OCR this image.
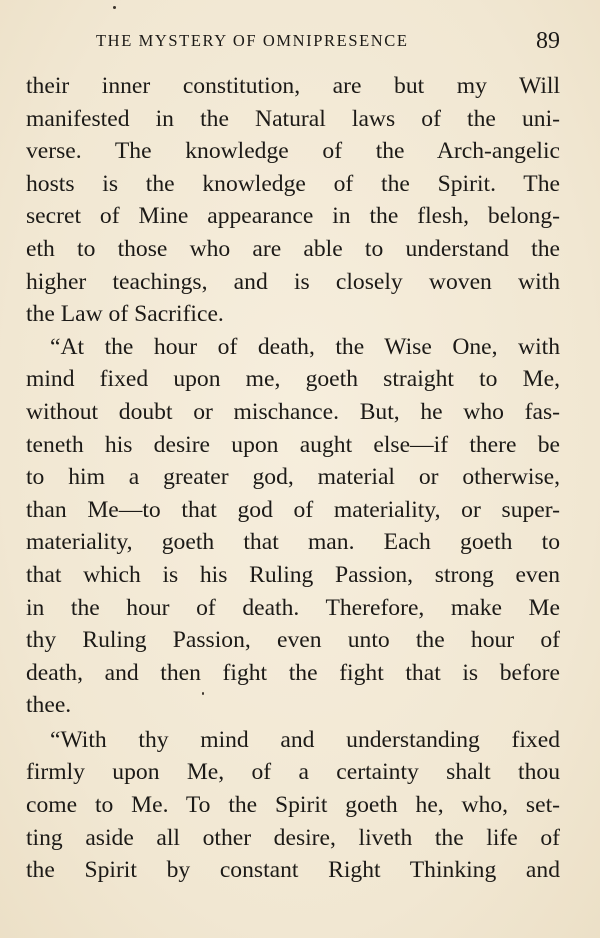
THE MYSTERY OF OMNIPRESENCE	89
their inner constitution, are but my Will
manifested in the Natural laws of the uni-
verse. The knowledge of the Arch-angelic
hosts is the knowledge of the Spirit. The
secret of Mine appearance in the flesh, belong-
eth to those who are able to understand the
higher teachings, and is closely woven with
the Law of Sacrifice.
“At the hour of death, the Wise One, with
mind fixed upon me, goeth straight to Me,
without doubt or mischance. But, he who fas-
teneth his desire upon aught else—if there be
to him a greater god, material or otherwise,
than Me—to that god of materiality, or super-
materiality, goeth that man. Each goeth to
that which is his Ruling Passion, strong even
in the hour of death. Therefore, make Me
thy Ruling Passion, even unto the hour of
death, and then fight the fight that is before
thee.
“With thy mind and understanding fixed
firmly upon Me, of a certainty shalt thou
come to Me. To the Spirit goeth he, who, set-
ting aside all other desire, liveth the life of
the Spirit by constant Right Thinking and
